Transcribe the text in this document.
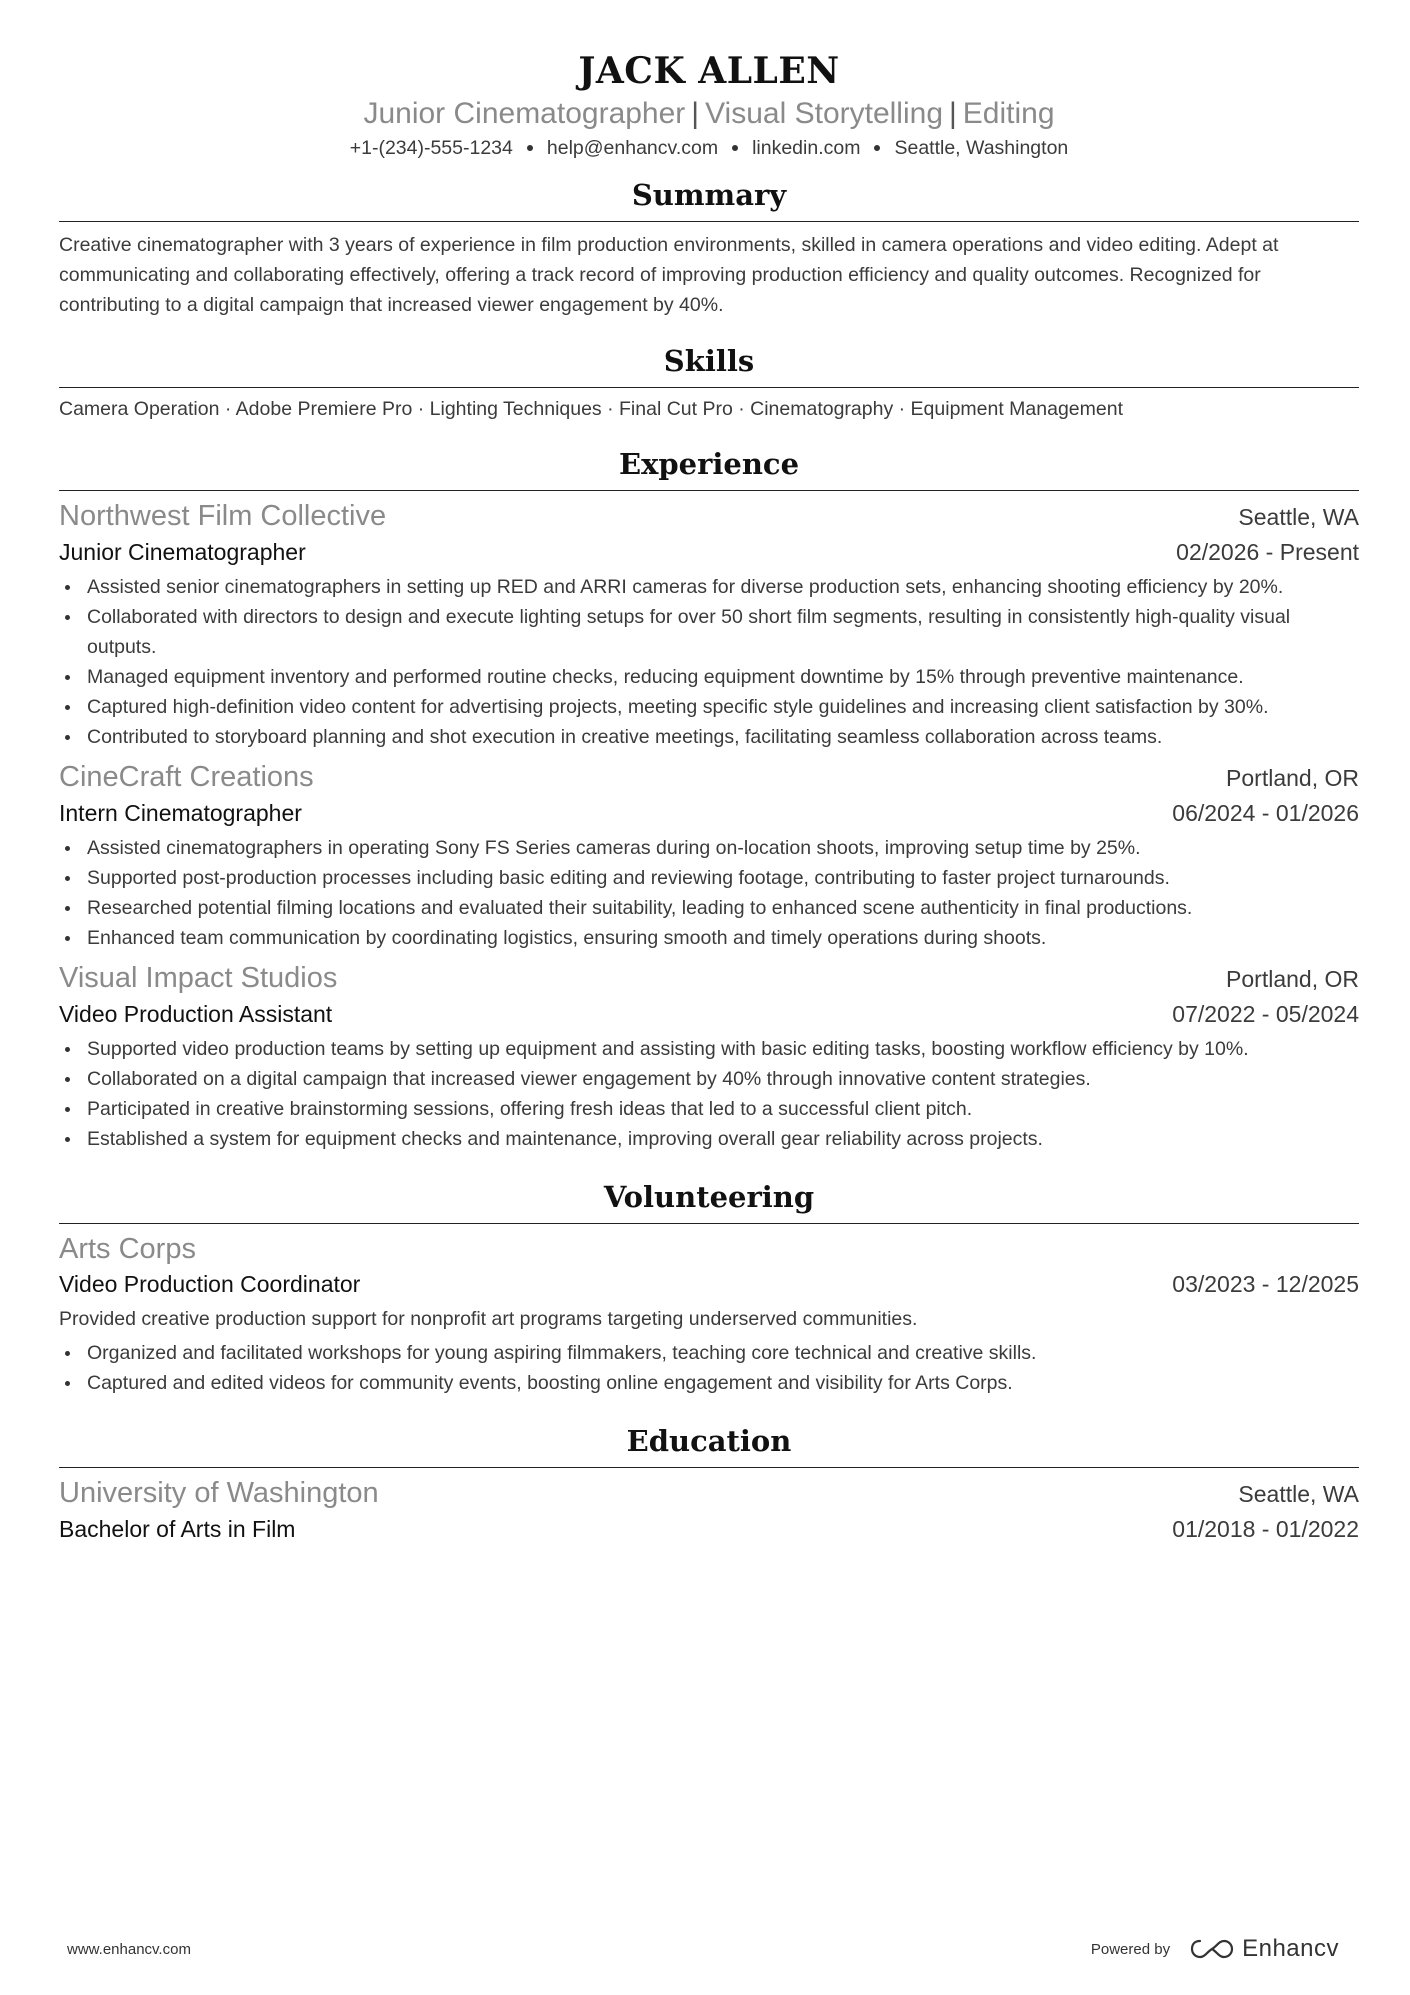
JACK ALLEN
Junior Cinematographer | Visual Storytelling | Editing
+1-(234)-555-1234 help@enhancv.com linkedin.com Seattle, Washington
Summary

Creative cinematographer with 3 years of experience in film production environments, skilled in camera operations and video editing. Adept at communicating and collaborating effectively, offering a track record of improving production efficiency and quality outcomes. Recognized for contributing to a digital campaign that increased viewer engagement by 40%.

Skills

Camera Operation · Adobe Premiere Pro · Lighting Techniques · Final Cut Pro · Cinematography · Equipment Management

Experience
Northwest Film Collective	Seattle, WA
Junior Cinematographer	02/2026 - Present
Assisted senior cinematographers in setting up RED and ARRI cameras for diverse production sets, enhancing shooting efficiency by 20%.
Collaborated with directors to design and execute lighting setups for over 50 short film segments, resulting in consistently high-quality visual outputs.
Managed equipment inventory and performed routine checks, reducing equipment downtime by 15% through preventive maintenance.
Captured high-definition video content for advertising projects, meeting specific style guidelines and increasing client satisfaction by 30%.
Contributed to storyboard planning and shot execution in creative meetings, facilitating seamless collaboration across teams.
CineCraft Creations	Portland, OR
Intern Cinematographer	06/2024 - 01/2026
Assisted cinematographers in operating Sony FS Series cameras during on-location shoots, improving setup time by 25%.
Supported post-production processes including basic editing and reviewing footage, contributing to faster project turnarounds.
Researched potential filming locations and evaluated their suitability, leading to enhanced scene authenticity in final productions.
Enhanced team communication by coordinating logistics, ensuring smooth and timely operations during shoots.
Visual Impact Studios	Portland, OR
Video Production Assistant	07/2022 - 05/2024
Supported video production teams by setting up equipment and assisting with basic editing tasks, boosting workflow efficiency by 10%.
Collaborated on a digital campaign that increased viewer engagement by 40% through innovative content strategies.
Participated in creative brainstorming sessions, offering fresh ideas that led to a successful client pitch.
Established a system for equipment checks and maintenance, improving overall gear reliability across projects.
Volunteering
Arts Corps
Video Production Coordinator	03/2023 - 12/2025

Provided creative production support for nonprofit art programs targeting underserved communities.

Organized and facilitated workshops for young aspiring filmmakers, teaching core technical and creative skills.
Captured and edited videos for community events, boosting online engagement and visibility for Arts Corps.
Education
University of Washington	Seattle, WA
Bachelor of Arts in Film	01/2018 - 01/2022
www.enhancv.com	Powered by	Enhancv
